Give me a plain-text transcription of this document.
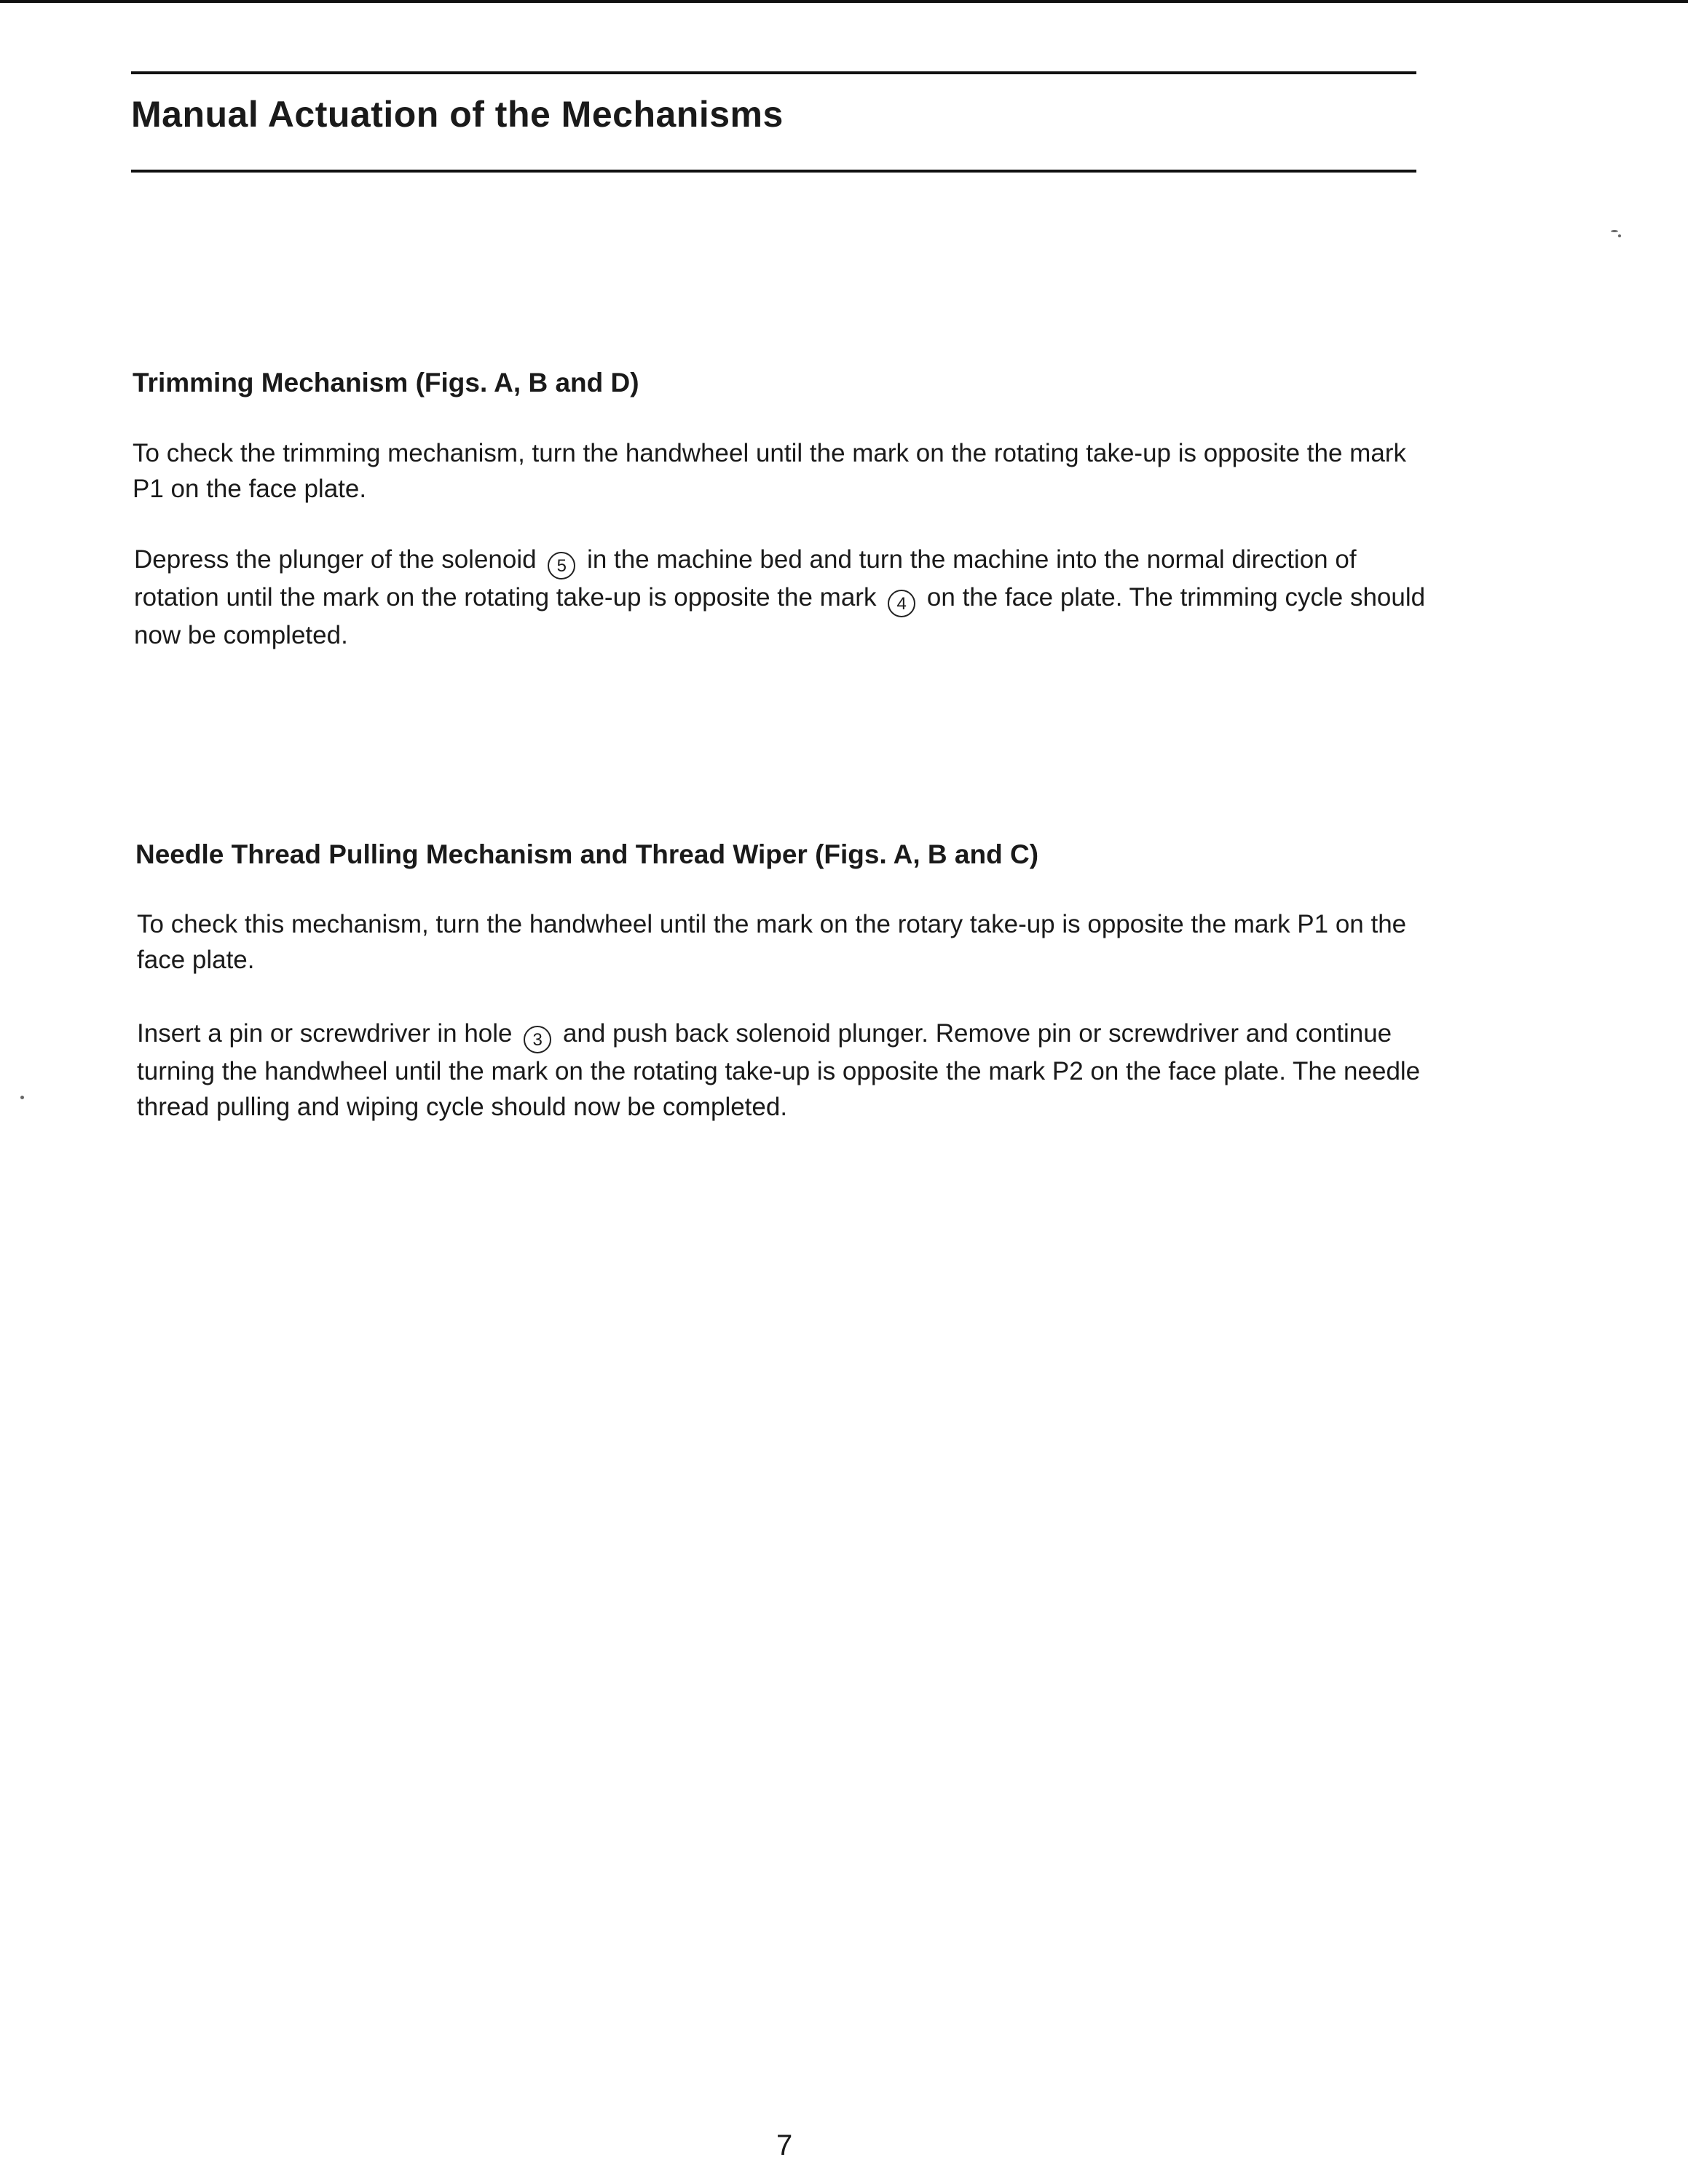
Manual Actuation of the Mechanisms
Trimming Mechanism (Figs. A, B and D)

To check the trimming mechanism, turn the handwheel until the mark on the rotating take-up is opposite the mark P1 on the face plate.

Depress the plunger of the solenoid 5 in the machine bed and turn the machine into the normal direction of rotation until the mark on the rotating take-up is opposite the mark 4 on the face plate. The trimming cycle should now be completed.

Needle Thread Pulling Mechanism and Thread Wiper (Figs. A, B and C)

To check this mechanism, turn the handwheel until the mark on the rotary take-up is opposite the mark P1 on the face plate.

Insert a pin or screwdriver in hole 3 and push back solenoid plunger. Remove pin or screwdriver and continue turning the handwheel until the mark on the rotating take-up is opposite the mark P2 on the face plate. The needle thread pulling and wiping cycle should now be completed.

7
